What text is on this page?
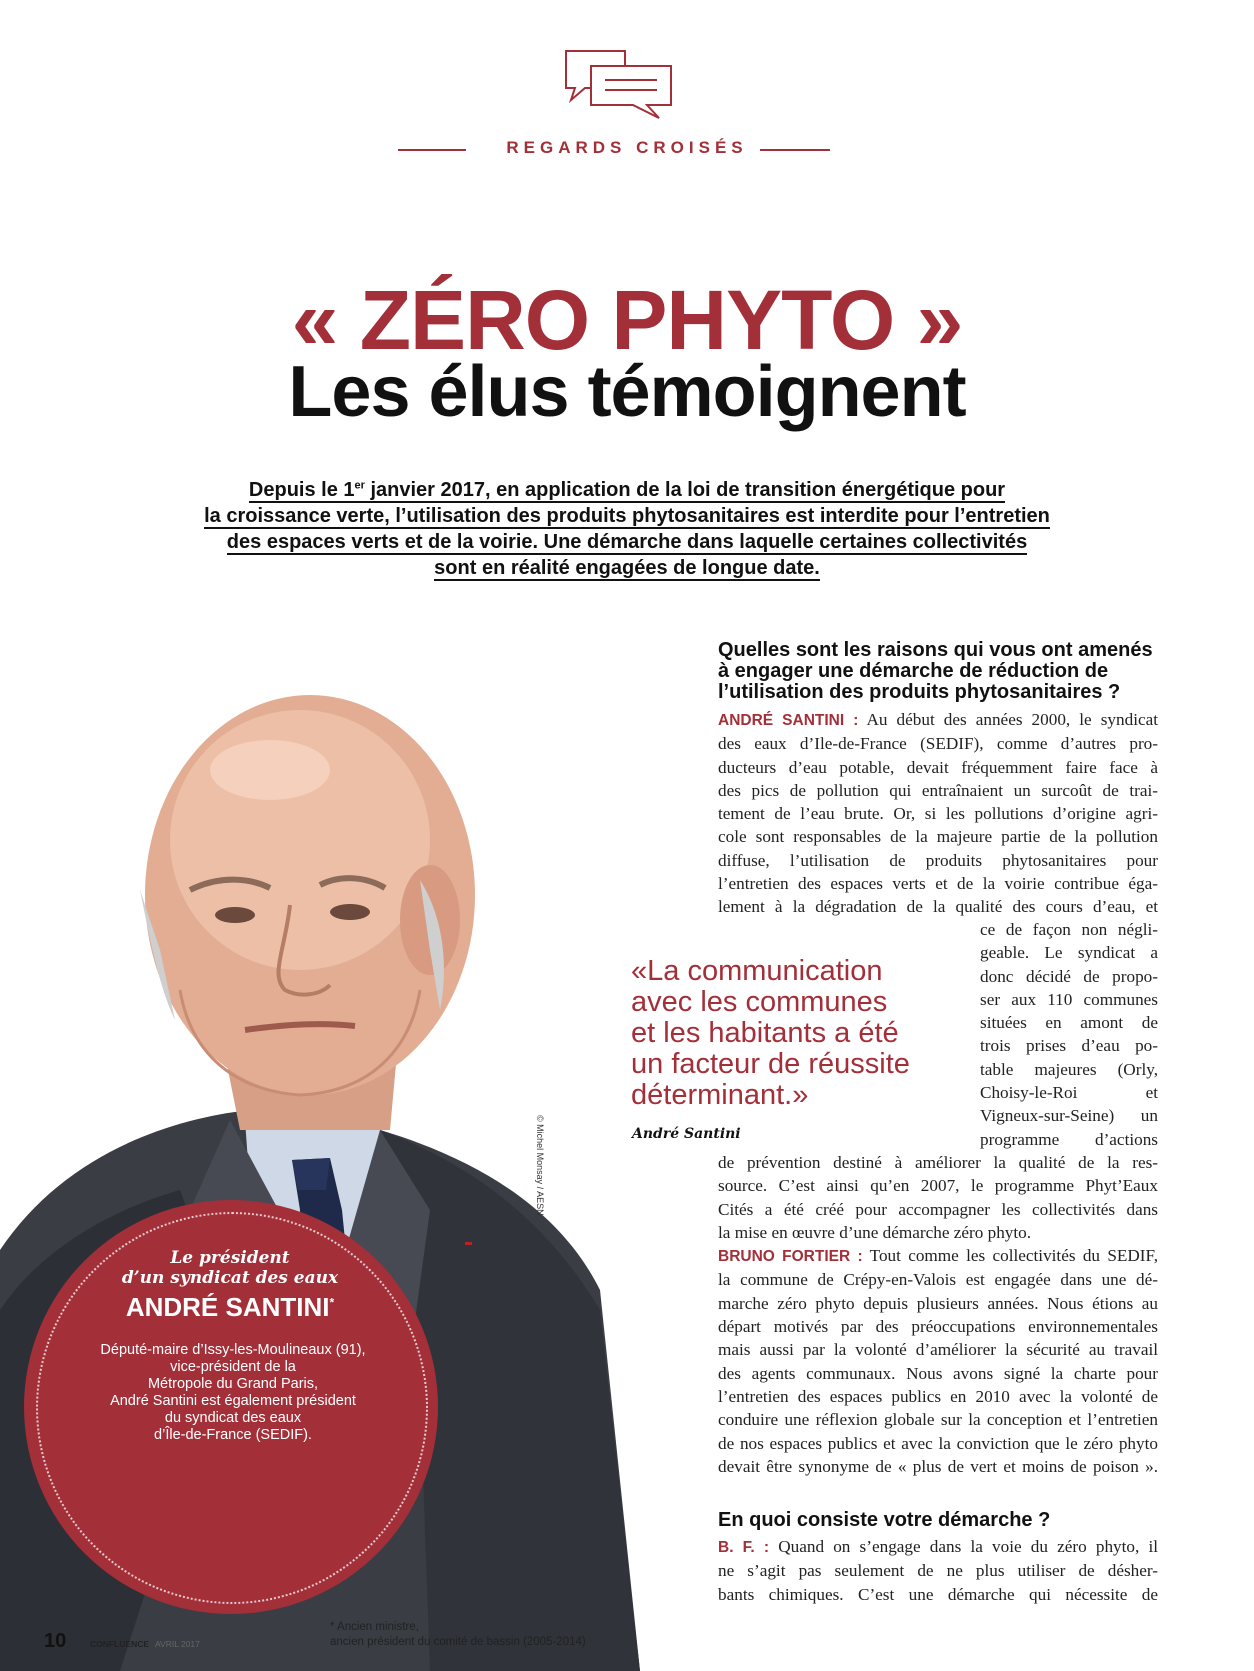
REGARDS CROISÉS
« ZÉRO PHYTO »
Les élus témoignent
Depuis le 1er janvier 2017, en application de la loi de transition énergétique pour
la croissance verte, l’utilisation des produits phytosanitaires est interdite pour l’entretien
des espaces verts et de la voirie. Une démarche dans laquelle certaines collectivités
sont en réalité engagées de longue date.
© Michel Monsay / AESN
Le président
d’un syndicat des eaux
ANDRÉ SANTINI*
Député-maire d’Issy-les-Moulineaux (91),
vice-président de la
Métropole du Grand Paris,
André Santini est également président
du syndicat des eaux
d’Île-de-France (SEDIF).
10	CONFLUENCE AVRIL 2017
* Ancien ministre,
ancien président du comité de bassin (2005-2014)
«La communication
avec les communes
et les habitants a été
un facteur de réussite
déterminant.»
André Santini
Quelles sont les raisons qui vous ont amenés
à engager une démarche de réduction de
l’utilisation des produits phytosanitaires ?
ANDRÉ SANTINI : Au début des années 2000, le syndicat
des eaux d’Ile-de-France (SEDIF), comme d’autres pro-
ducteurs d’eau potable, devait fréquemment faire face à
des pics de pollution qui entraînaient un surcoût de trai-
tement de l’eau brute. Or, si les pollutions d’origine agri-
cole sont responsables de la majeure partie de la pollution
diffuse, l’utilisation de produits phytosanitaires pour
l’entretien des espaces verts et de la voirie contribue éga-
lement à la dégradation de la qualité des cours d’eau, et
ce de façon non négli-
geable. Le syndicat a
donc décidé de propo-
ser aux 110 communes
situées en amont de
trois prises d’eau po-
table majeures (Orly,
Choisy-le-Roi et
Vigneux-sur-Seine) un
programme d’actions
de prévention destiné à améliorer la qualité de la res-
source. C’est ainsi qu’en 2007, le programme Phyt’Eaux
Cités a été créé pour accompagner les collectivités dans
la mise en œuvre d’une démarche zéro phyto.
BRUNO FORTIER : Tout comme les collectivités du SEDIF,
la commune de Crépy-en-Valois est engagée dans une dé-
marche zéro phyto depuis plusieurs années. Nous étions au
départ motivés par des préoccupations environnementales
mais aussi par la volonté d’améliorer la sécurité au travail
des agents communaux. Nous avons signé la charte pour
l’entretien des espaces publics en 2010 avec la volonté de
conduire une réflexion globale sur la conception et l’entretien
de nos espaces publics et avec la conviction que le zéro phyto
devait être synonyme de « plus de vert et moins de poison ».
En quoi consiste votre démarche ?
B. F. : Quand on s’engage dans la voie du zéro phyto, il
ne s’agit pas seulement de ne plus utiliser de désher-
bants chimiques. C’est une démarche qui nécessite de
